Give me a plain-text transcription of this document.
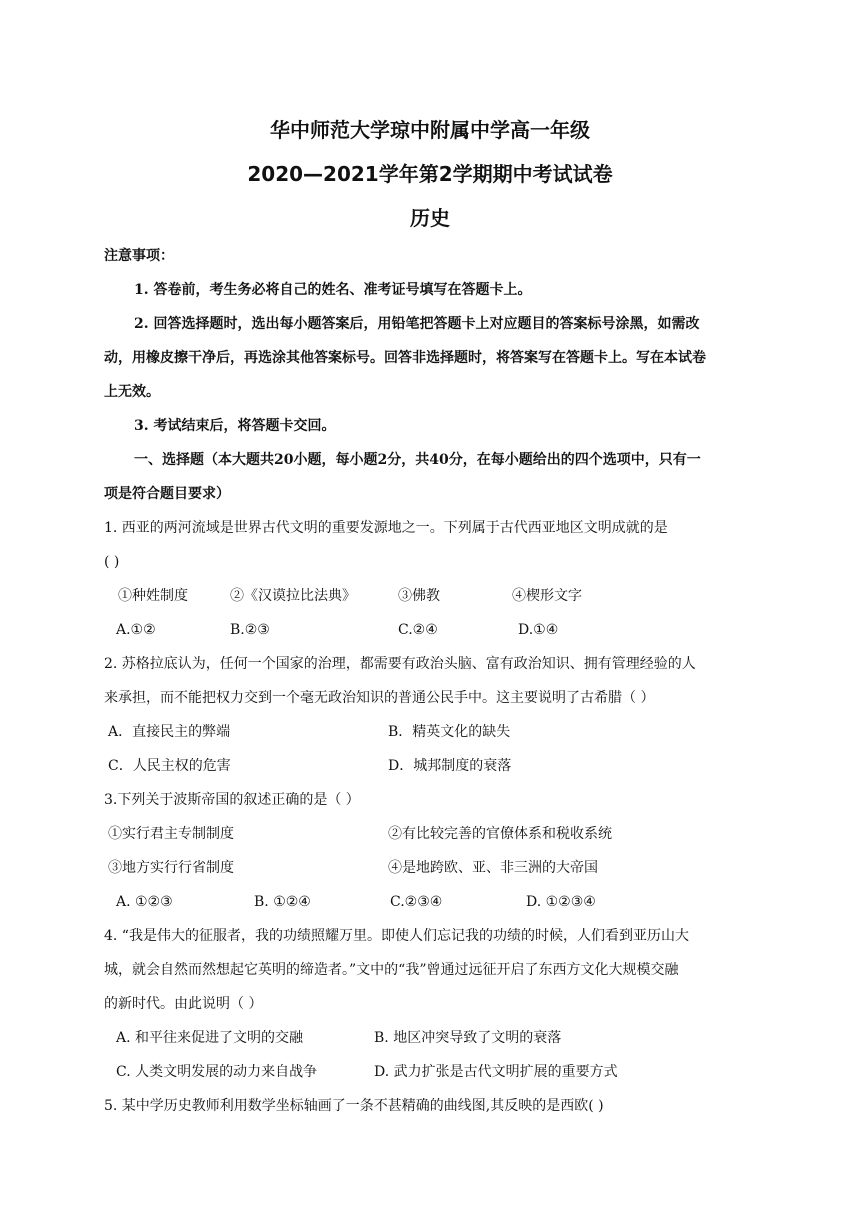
华中师范大学琼中附属中学高一年级
2020—2021学年第2学期期中考试试卷
历史

注意事项：

1. 答卷前，考生务必将自己的姓名、准考证号填写在答题卡上。

2. 回答选择题时，选出每小题答案后，用铅笔把答题卡上对应题目的答案标号涂黑，如需改

动，用橡皮擦干净后，再选涂其他答案标号。回答非选择题时，将答案写在答题卡上。写在本试卷

上无效。

3. 考试结束后，将答题卡交回。

一、选择题（本大题共20小题，每小题2分，共40分，在每小题给出的四个选项中，只有一

项是符合题目要求）

1. 西亚的两河流域是世界古代文明的重要发源地之一。下列属于古代西亚地区文明成就的是

( )

①种姓制度	②《汉谟拉比法典》	③佛教	④楔形文字
A.①②	B.②③	C.②④	D.①④

2. 苏格拉底认为，任何一个国家的治理，都需要有政治头脑、富有政治知识、拥有管理经验的人

来承担，而不能把权力交到一个毫无政治知识的普通公民手中。这主要说明了古希腊（ ）

A．直接民主的弊端	B．精英文化的缺失
C．人民主权的危害	D．城邦制度的衰落

3.下列关于波斯帝国的叙述正确的是（ ）

①实行君主专制制度	②有比较完善的官僚体系和税收系统
③地方实行行省制度	④是地跨欧、亚、非三洲的大帝国
A. ①②③	B. ①②④	C.②③④	D. ①②③④

4. “我是伟大的征服者，我的功绩照耀万里。即使人们忘记我的功绩的时候，人们看到亚历山大

城，就会自然而然想起它英明的缔造者。”文中的“我”曾通过远征开启了东西方文化大规模交融

的新时代。由此说明（ ）

A. 和平往来促进了文明的交融	B. 地区冲突导致了文明的衰落
C. 人类文明发展的动力来自战争	D. 武力扩张是古代文明扩展的重要方式

5. 某中学历史教师利用数学坐标轴画了一条不甚精确的曲线图,其反映的是西欧( )
